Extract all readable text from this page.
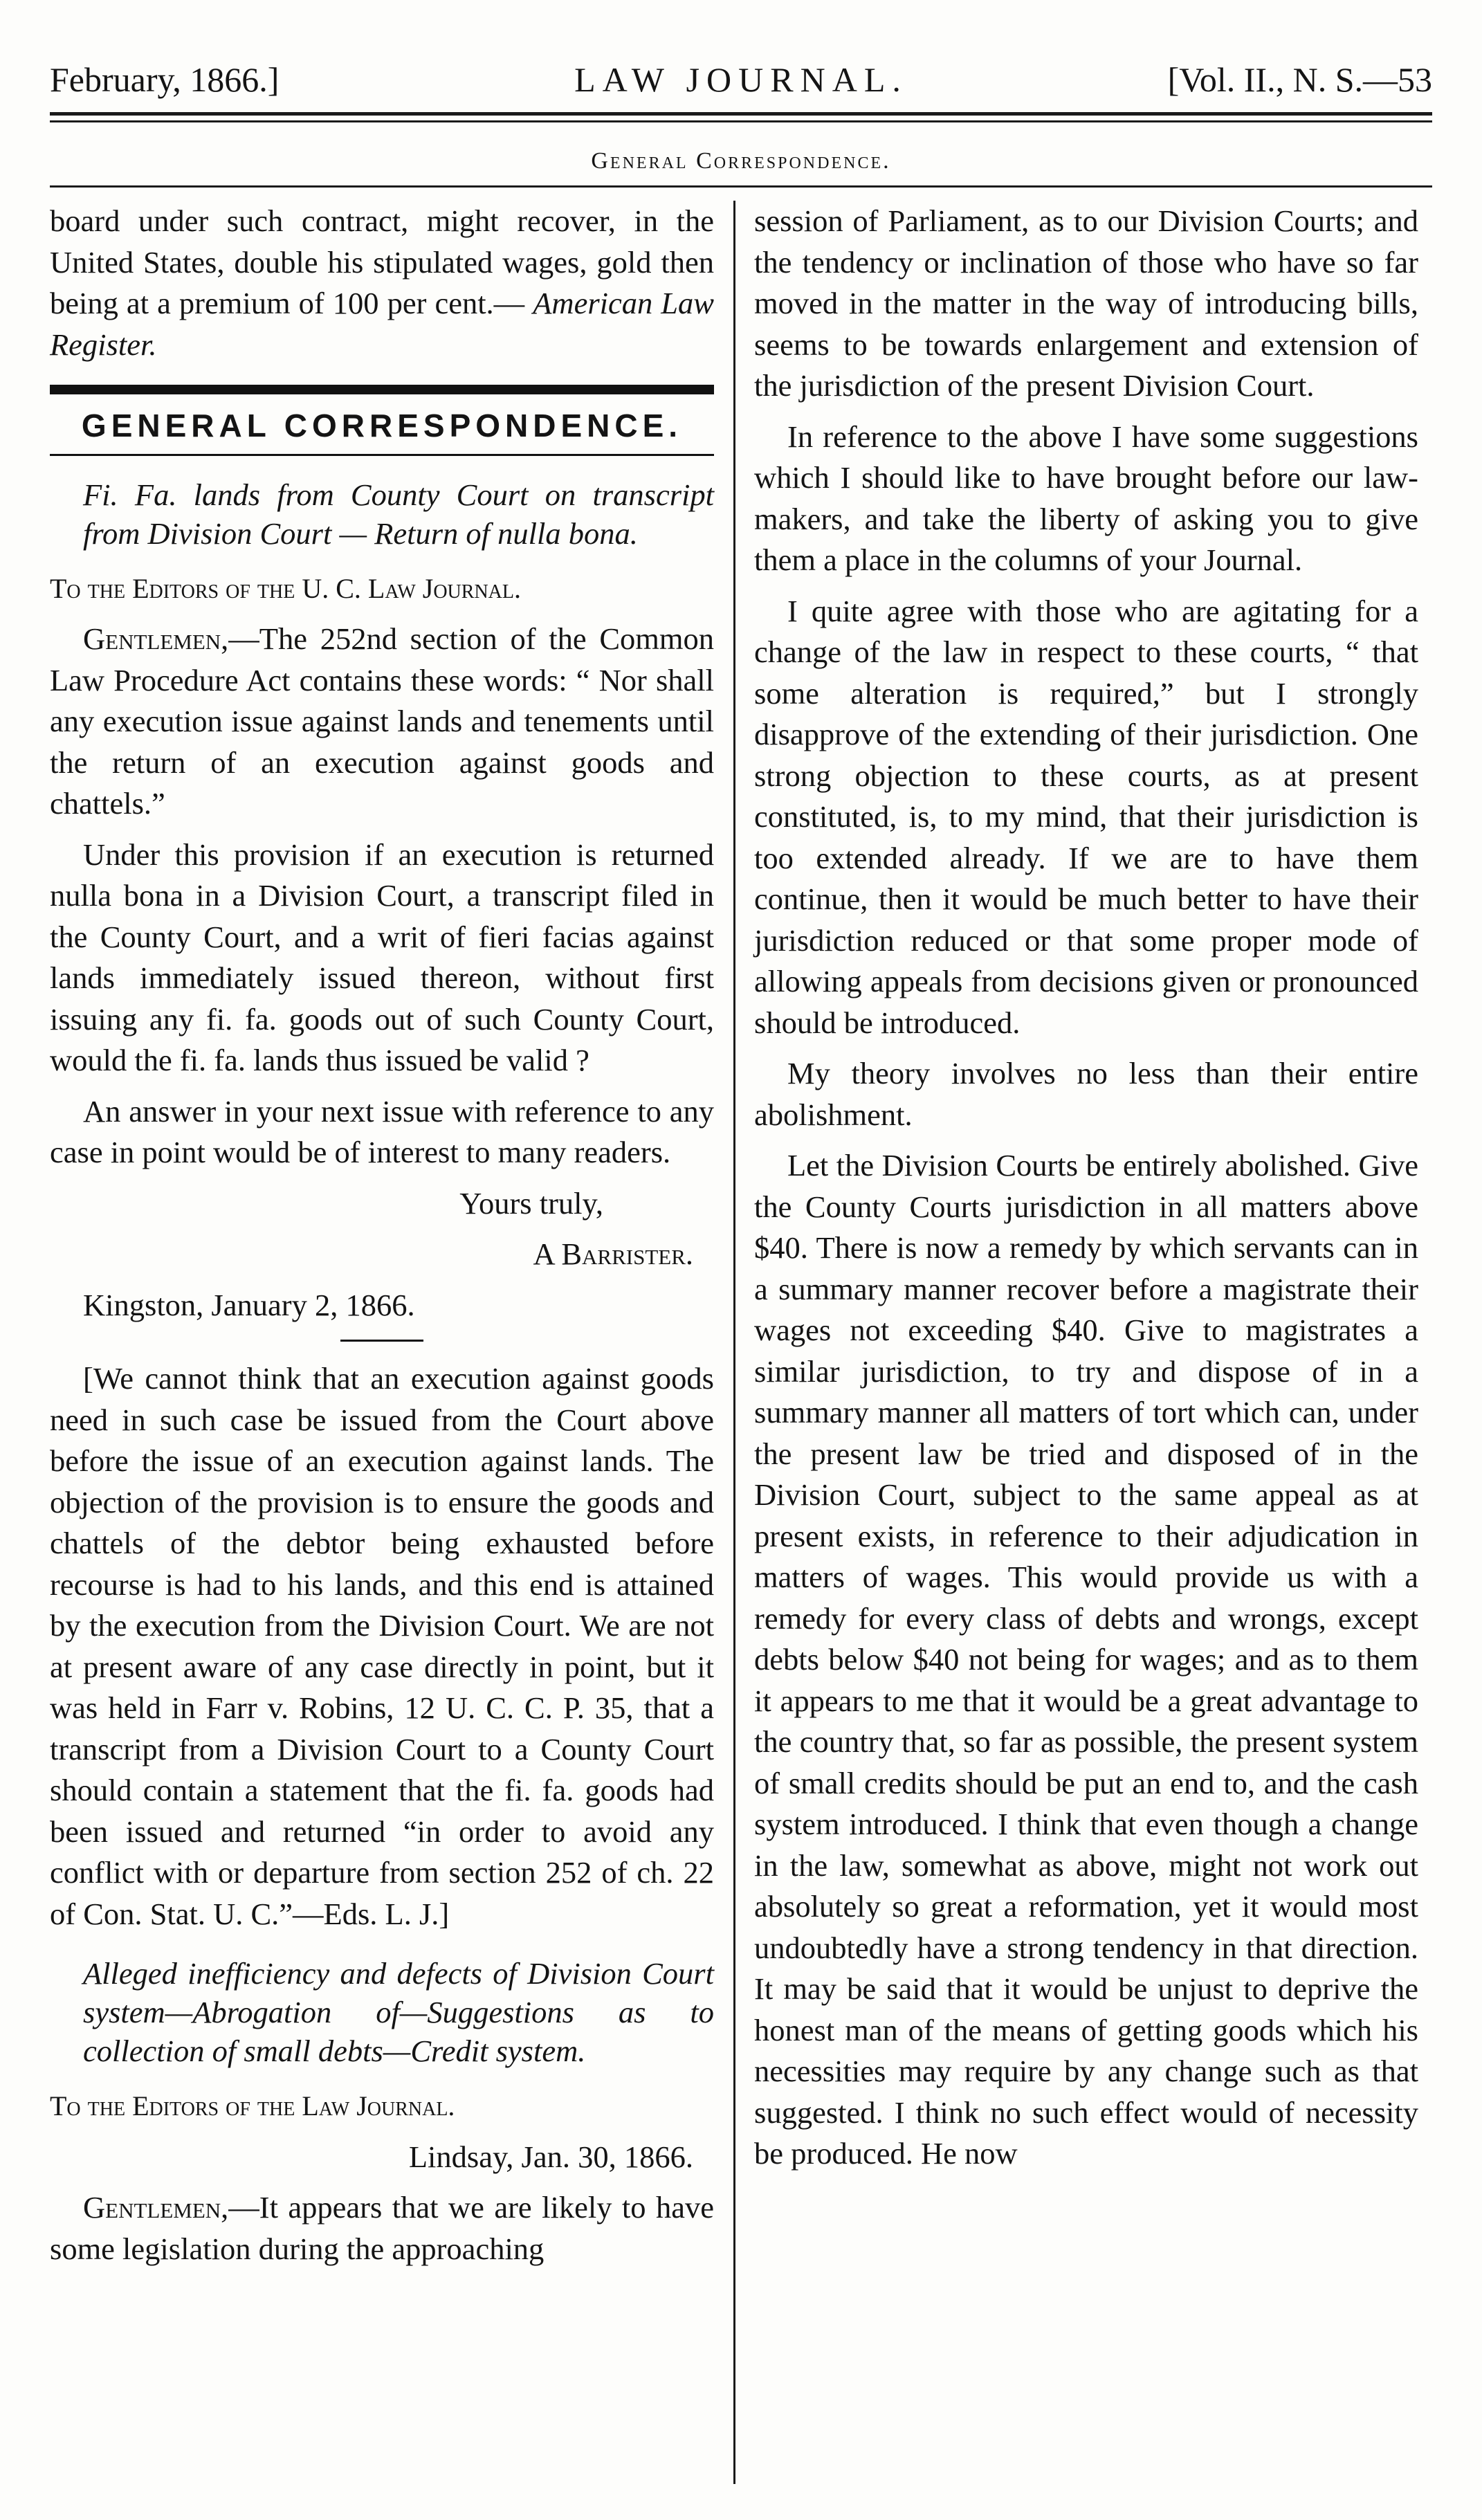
February, 1866.]	LAW JOURNAL.	[Vol. II., N. S.—53
General Correspondence.

board under such contract, might recover, in the United States, double his stipulated wages, gold then being at a premium of 100 per cent.— American Law Register.

GENERAL CORRESPONDENCE.

Fi. Fa. lands from County Court on transcript from Division Court — Return of nulla bona.

To the Editors of the U. C. Law Journal.

Gentlemen,—The 252nd section of the Common Law Procedure Act contains these words: “ Nor shall any execution issue against lands and tenements until the return of an execution against goods and chattels.”

Under this provision if an execution is returned nulla bona in a Division Court, a transcript filed in the County Court, and a writ of fieri facias against lands immediately issued thereon, without first issuing any fi. fa. goods out of such County Court, would the fi. fa. lands thus issued be valid ?

An answer in your next issue with reference to any case in point would be of interest to many readers.

Yours truly,

A Barrister.

Kingston, January 2, 1866.

[We cannot think that an execution against goods need in such case be issued from the Court above before the issue of an execution against lands. The objection of the provision is to ensure the goods and chattels of the debtor being exhausted before recourse is had to his lands, and this end is attained by the execution from the Division Court. We are not at present aware of any case directly in point, but it was held in Farr v. Robins, 12 U. C. C. P. 35, that a transcript from a Division Court to a County Court should contain a statement that the fi. fa. goods had been issued and returned “in order to avoid any conflict with or departure from section 252 of ch. 22 of Con. Stat. U. C.”—Eds. L. J.]

Alleged inefficiency and defects of Division Court system—Abrogation of—Suggestions as to collection of small debts—Credit system.

To the Editors of the Law Journal.

Lindsay, Jan. 30, 1866.

Gentlemen,—It appears that we are likely to have some legislation during the approaching

session of Parliament, as to our Division Courts; and the tendency or inclination of those who have so far moved in the matter in the way of introducing bills, seems to be towards enlargement and extension of the jurisdiction of the present Division Court.

In reference to the above I have some suggestions which I should like to have brought before our law-makers, and take the liberty of asking you to give them a place in the columns of your Journal.

I quite agree with those who are agitating for a change of the law in respect to these courts, “ that some alteration is required,” but I strongly disapprove of the extending of their jurisdiction. One strong objection to these courts, as at present constituted, is, to my mind, that their jurisdiction is too extended already. If we are to have them continue, then it would be much better to have their jurisdiction reduced or that some proper mode of allowing appeals from decisions given or pronounced should be introduced.

My theory involves no less than their entire abolishment.

Let the Division Courts be entirely abolished. Give the County Courts jurisdiction in all matters above $40. There is now a remedy by which servants can in a summary manner recover before a magistrate their wages not exceeding $40. Give to magistrates a similar jurisdiction, to try and dispose of in a summary manner all matters of tort which can, under the present law be tried and disposed of in the Division Court, subject to the same appeal as at present exists, in reference to their adjudication in matters of wages. This would provide us with a remedy for every class of debts and wrongs, except debts below $40 not being for wages; and as to them it appears to me that it would be a great advantage to the country that, so far as possible, the present system of small credits should be put an end to, and the cash system introduced. I think that even though a change in the law, somewhat as above, might not work out absolutely so great a reformation, yet it would most undoubtedly have a strong tendency in that direction. It may be said that it would be unjust to deprive the honest man of the means of getting goods which his necessities may require by any change such as that suggested. I think no such effect would of necessity be produced. He now
